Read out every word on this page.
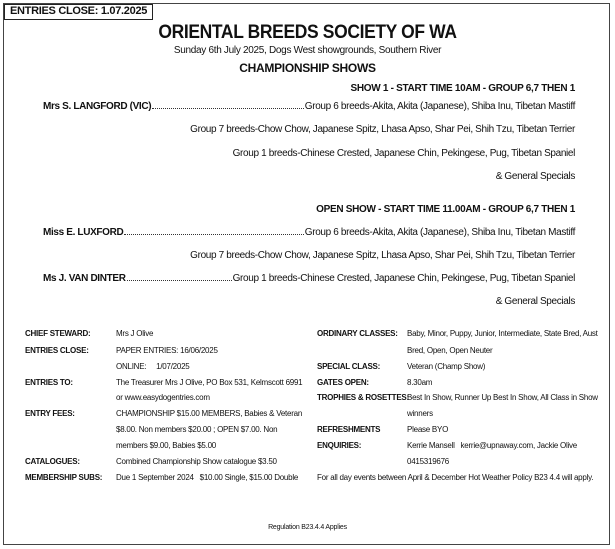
ENTRIES CLOSE: 1.07.2025
ORIENTAL BREEDS SOCIETY OF WA
Sunday 6th July 2025, Dogs West showgrounds, Southern River
CHAMPIONSHIP SHOWS
SHOW 1 - START TIME 10AM - GROUP 6,7 THEN 1
Mrs S. LANGFORD (VIC)	Group 6 breeds-Akita, Akita (Japanese), Shiba Inu, Tibetan Mastiff
Group 7 breeds-Chow Chow, Japanese Spitz, Lhasa Apso, Shar Pei, Shih Tzu, Tibetan Terrier
Group 1 breeds-Chinese Crested, Japanese Chin, Pekingese, Pug, Tibetan Spaniel
& General Specials
OPEN SHOW - START TIME 11.00AM - GROUP 6,7 THEN 1
Miss E. LUXFORD	Group 6 breeds-Akita, Akita (Japanese), Shiba Inu, Tibetan Mastiff
Group 7 breeds-Chow Chow, Japanese Spitz, Lhasa Apso, Shar Pei, Shih Tzu, Tibetan Terrier
Ms J. VAN DINTER	Group 1 breeds-Chinese Crested, Japanese Chin, Pekingese, Pug, Tibetan Spaniel
& General Specials
CHIEF STEWARD:	Mrs J Olive
ENTRIES CLOSE:	PAPER ENTRIES: 16/06/2025
ONLINE:     1/07/2025
ENTRIES TO:	The Treasurer Mrs J Olive, PO Box 531, Kelmscott 6991
or www.easydogentries.com
ENTRY FEES:	CHAMPIONSHIP $15.00 MEMBERS, Babies & Veteran
$8.00. Non members $20.00 ; OPEN $7.00. Non
members $9.00, Babies $5.00
CATALOGUES:	Combined Championship Show catalogue $3.50
MEMBERSHIP SUBS: Due 1 September 2024   $10.00 Single, $15.00 Double
ORDINARY CLASSES: Baby, Minor, Puppy, Junior, Intermediate, State Bred, Aust
Bred, Open, Open Neuter
SPECIAL CLASS:	Veteran (Champ Show)
GATES OPEN:	8.30am
TROPHIES & ROSETTES:
Best In Show, Runner Up Best In Show, All Class in Show
winners
REFRESHMENTS	Please BYO
ENQUIRIES:	Kerrie Mansell   kerrie@upnaway.com, Jackie Olive
0415319676
For all day events between April & December Hot Weather Policy B23 4.4 will apply.
Regulation B23.4.4 Applies
